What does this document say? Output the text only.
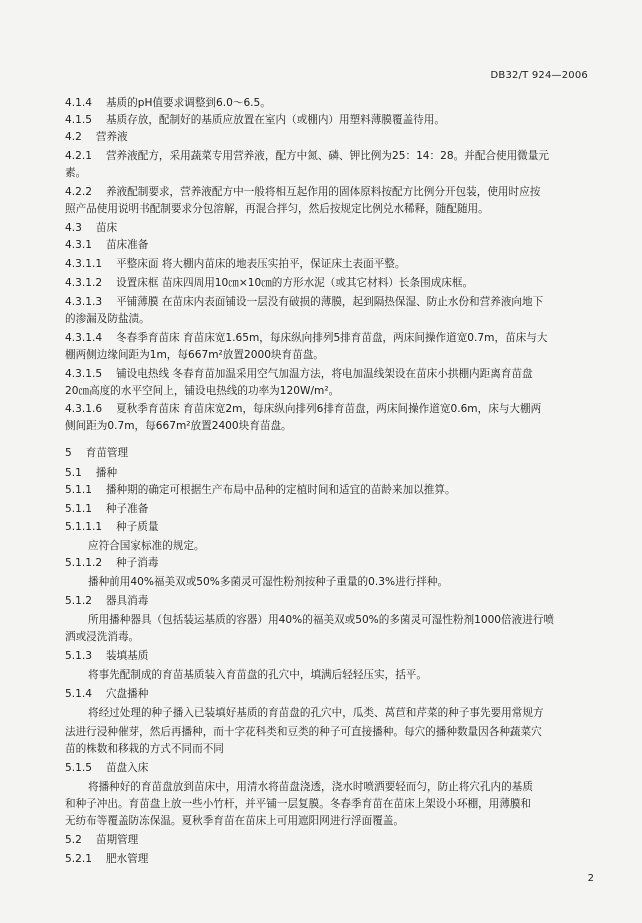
DB32/T 924—2006
4.1.4 基质的pH值要求调整到6.0～6.5。
4.1.5 基质存放，配制好的基质应放置在室内（或棚内）用塑料薄膜覆盖待用。
4.2 营养液
4.2.1 营养液配方，采用蔬菜专用营养液，配方中氮、磷、钾比例为25：14：28。并配合使用微量元
素。
4.2.2 养液配制要求，营养液配方中一般将相互起作用的固体原料按配方比例分开包装，使用时应按
照产品使用说明书配制要求分包溶解，再混合拌匀，然后按规定比例兑水稀释，随配随用。
4.3 苗床
4.3.1 苗床准备
4.3.1.1 平整床面 将大棚内苗床的地表压实拍平，保证床土表面平整。
4.3.1.2 设置床框 苗床四周用10㎝×10㎝的方形水泥（或其它材料）长条围成床框。
4.3.1.3 平铺薄膜 在苗床内表面铺设一层没有破损的薄膜，起到隔热保湿、防止水份和营养液向地下
的渗漏及防盐渍。
4.3.1.4 冬春季育苗床 育苗床宽1.65m，每床纵向排列5排育苗盘，两床间操作道宽0.7m，苗床与大
棚两侧边缘间距为1m，每667m²放置2000块育苗盘。
4.3.1.5 铺设电热线 冬春育苗加温采用空气加温方法，将电加温线架设在苗床小拱棚内距离育苗盘
20㎝高度的水平空间上，铺设电热线的功率为120W/m²。
4.3.1.6 夏秋季育苗床 育苗床宽2m，每床纵向排列6排育苗盘，两床间操作道宽0.6m，床与大棚两
侧间距为0.7m，每667m²放置2400块育苗盘。
5 育苗管理
5.1 播种
5.1.1 播种期的确定可根据生产布局中品种的定植时间和适宜的苗龄来加以推算。
5.1.1 种子准备
5.1.1.1 种子质量
应符合国家标准的规定。
5.1.1.2 种子消毒
播种前用40%福美双或50%多菌灵可湿性粉剂按种子重量的0.3%进行拌种。
5.1.2 器具消毒
所用播种器具（包括装运基质的容器）用40%的福美双或50%的多菌灵可湿性粉剂1000倍液进行喷
洒或浸洗消毒。
5.1.3 装填基质
将事先配制成的育苗基质装入育苗盘的孔穴中，填满后轻轻压实，括平。
5.1.4 穴盘播种
将经过处理的种子播入已装填好基质的育苗盘的孔穴中，瓜类、莴苣和芹菜的种子事先要用常规方
法进行浸种催芽，然后再播种，而十字花科类和豆类的种子可直接播种。每穴的播种数量因各种蔬菜穴
苗的株数和移栽的方式不同而不同
5.1.5 苗盘入床
将播种好的育苗盘放到苗床中，用清水将苗盘浇透，浇水时喷洒要轻而匀，防止将穴孔内的基质
和种子冲出。育苗盘上放一些小竹杆，并平铺一层复膜。冬春季育苗在苗床上架设小环棚，用薄膜和
无纺布等覆盖防冻保温。夏秋季育苗在苗床上可用遮阳网进行浮面覆盖。
5.2 苗期管理
5.2.1 肥水管理
2
